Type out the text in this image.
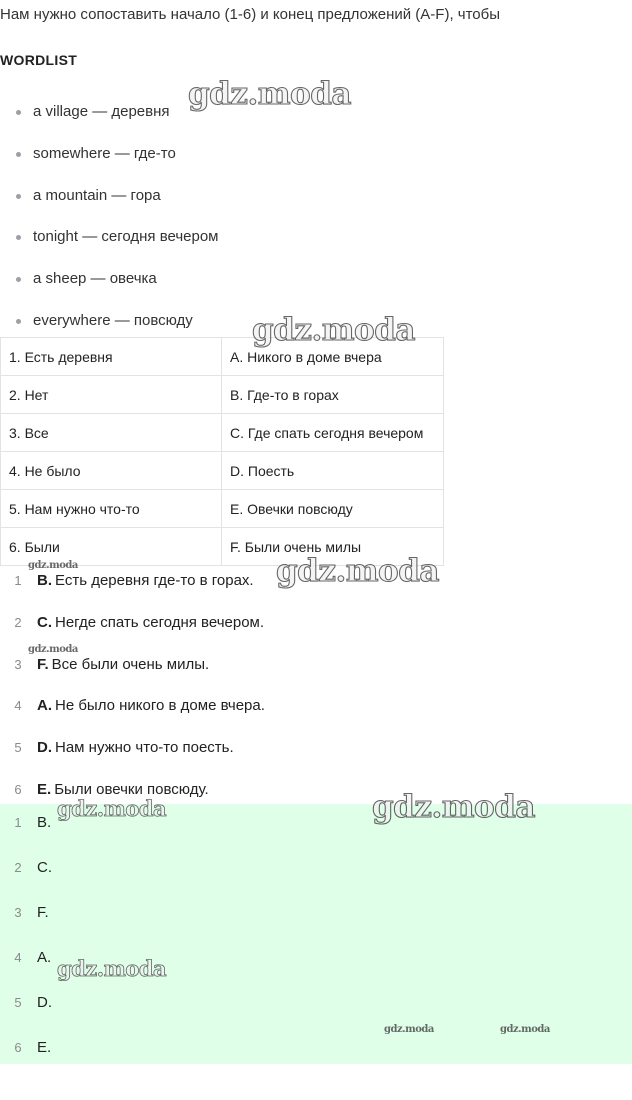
Нам нужно сопоставить начало (1-6) и конец предложений (A-F), чтобы
WORDLIST
a village — деревня
somewhere — где-то
a mountain — гора
tonight — сегодня вечером
a sheep — овечка
everywhere — повсюду
1. Есть деревня	A. Никого в доме вчера
2. Нет	B. Где-то в горах
3. Все	C. Где спать сегодня вечером
4. Не было	D. Поесть
5. Нам нужно что-то	E. Овечки повсюду
6. Были	F. Были очень милы
1	B. Есть деревня где-то в горах.
2	C. Негде спать сегодня вечером.
3	F. Все были очень милы.
4	A. Не было никого в доме вчера.
5	D. Нам нужно что-то поесть.
6	E. Были овечки повсюду.
1	B.
2	C.
3	F.
4	A.
5	D.
6	E.
gdz.moda
gdz.moda
gdz.moda
gdz.moda
gdz.moda
gdz.moda
gdz.moda
gdz.moda
gdz.moda	gdz.moda
